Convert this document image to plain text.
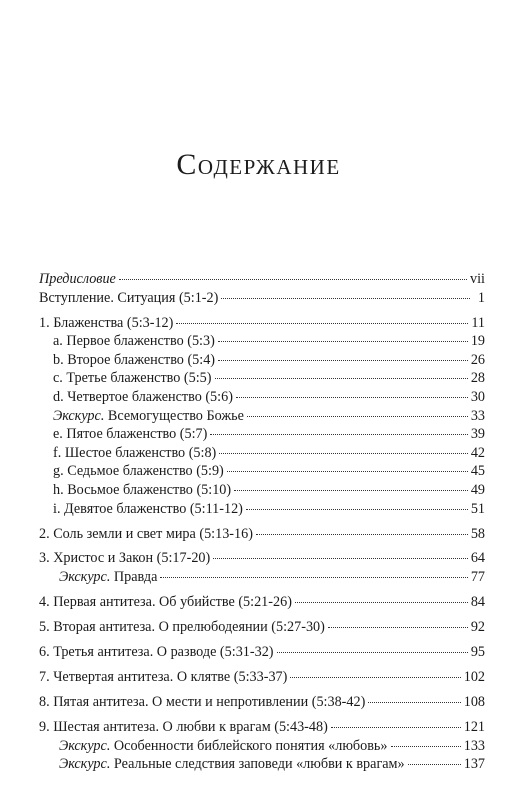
Содержание
Предисловие	vii
Вступление. Ситуация (5:1-2)	1
1. Блаженства (5:3-12)	11
a. Первое блаженство (5:3)	19
b. Второе блаженство (5:4)	26
c. Третье блаженство (5:5)	28
d. Четвертое блаженство (5:6)	30
Экскурс. Всемогущество Божье	33
e. Пятое блаженство (5:7)	39
f. Шестое блаженство (5:8)	42
g. Седьмое блаженство (5:9)	45
h. Восьмое блаженство (5:10)	49
i. Девятое блаженство (5:11-12)	51
2. Соль земли и свет мира (5:13-16)	58
3. Христос и Закон (5:17-20)	64
Экскурс. Правда	77
4. Первая антитеза. Об убийстве (5:21-26)	84
5. Вторая антитеза. О прелюбодеянии (5:27-30)	92
6. Третья антитеза. О разводе (5:31-32)	95
7. Четвертая антитеза. О клятве (5:33-37)	102
8. Пятая антитеза. О мести и непротивлении (5:38-42)	108
9. Шестая антитеза. О любви к врагам (5:43-48)	121
Экскурс. Особенности библейского понятия «любовь»	133
Экскурс. Реальные следствия заповеди «любви к врагам»	137
